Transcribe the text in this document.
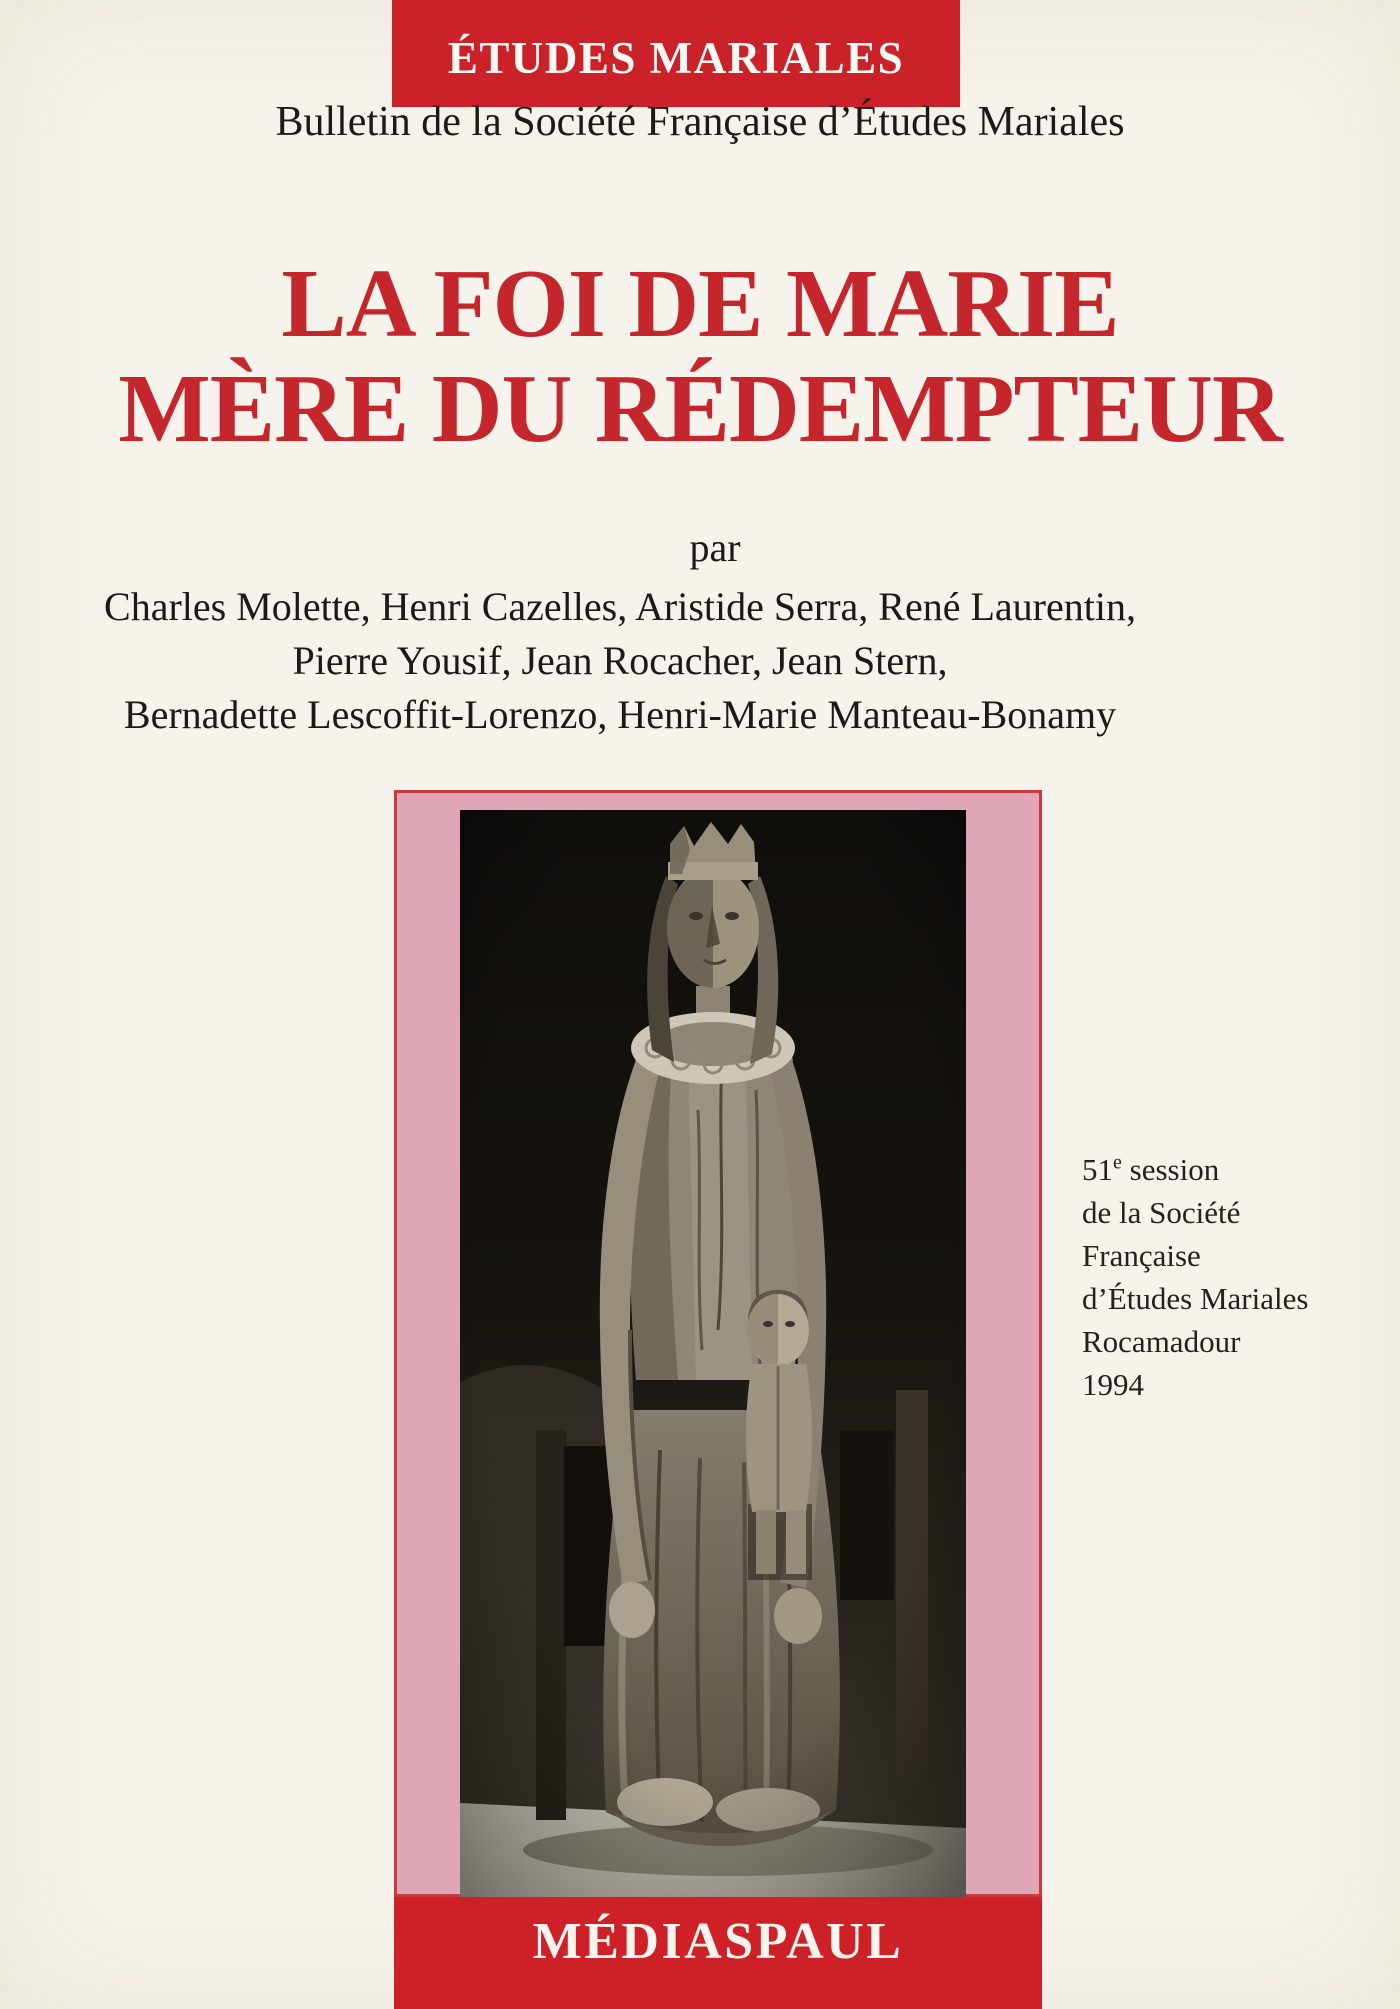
ÉTUDES MARIALES
Bulletin de la Société Française d’Études Mariales
LA FOI DE MARIE
MÈRE DU RÉDEMPTEUR
par
Charles Molette, Henri Cazelles, Aristide Serra, René Laurentin,
Pierre Yousif, Jean Rocacher, Jean Stern,
Bernadette Lescoffit-Lorenzo, Henri-Marie Manteau-Bonamy
51e session
de la Société
Française
d’Études Mariales
Rocamadour
1994
MÉDIASPAUL
